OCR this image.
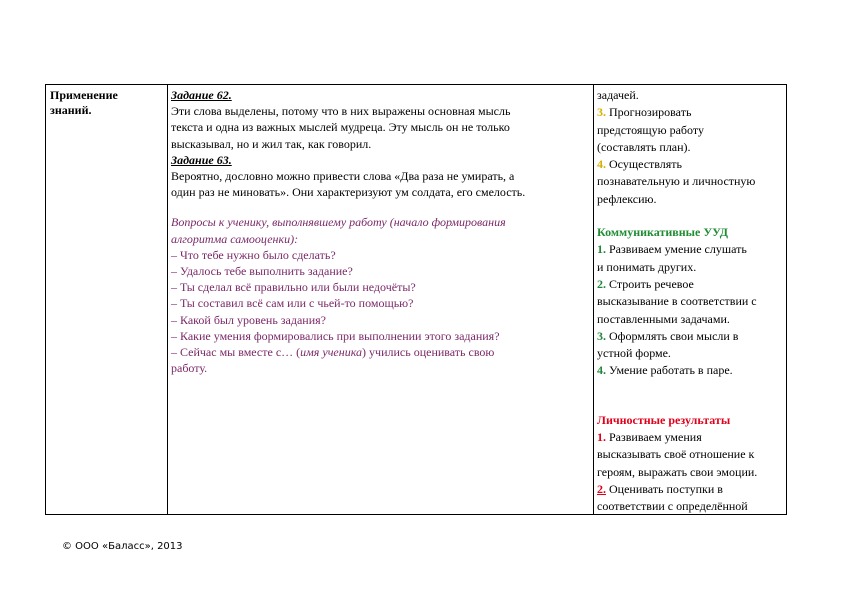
Применение

знаний.

Задание 62.

Эти слова выделены, потому что в них выражены основная мысль

текста и одна из важных мыслей мудреца. Эту мысль он не только

высказывал, но и жил так, как говорил.

Задание 63.

Вероятно, дословно можно привести слова «Два раза не умирать, а

один раз не миновать». Они характеризуют ум солдата, его смелость.

Вопросы к ученику, выполнявшему работу (начало формирования

алгоритма самооценки):

– Что тебе нужно было сделать?

– Удалось тебе выполнить задание?

– Ты сделал всё правильно или были недочёты?

– Ты составил всё сам или с чьей-то помощью?

– Какой был уровень задания?

– Какие умения формировались при выполнении этого задания?

– Сейчас мы вместе с… (имя ученика) учились оценивать свою

работу.

задачей.

3. Прогнозировать

предстоящую работу

(составлять план).

4. Осуществлять

познавательную и личностную

рефлексию.

Коммуникативные УУД

1. Развиваем умение слушать

и понимать других.

2. Строить речевое

высказывание в соответствии с

поставленными задачами.

3. Оформлять свои мысли в

устной форме.

4. Умение работать в паре.

Личностные результаты

1. Развиваем умения

высказывать своё отношение к

героям, выражать свои эмоции.

2. Оценивать поступки в

соответствии с определённой

© ООО «Баласс», 2013
